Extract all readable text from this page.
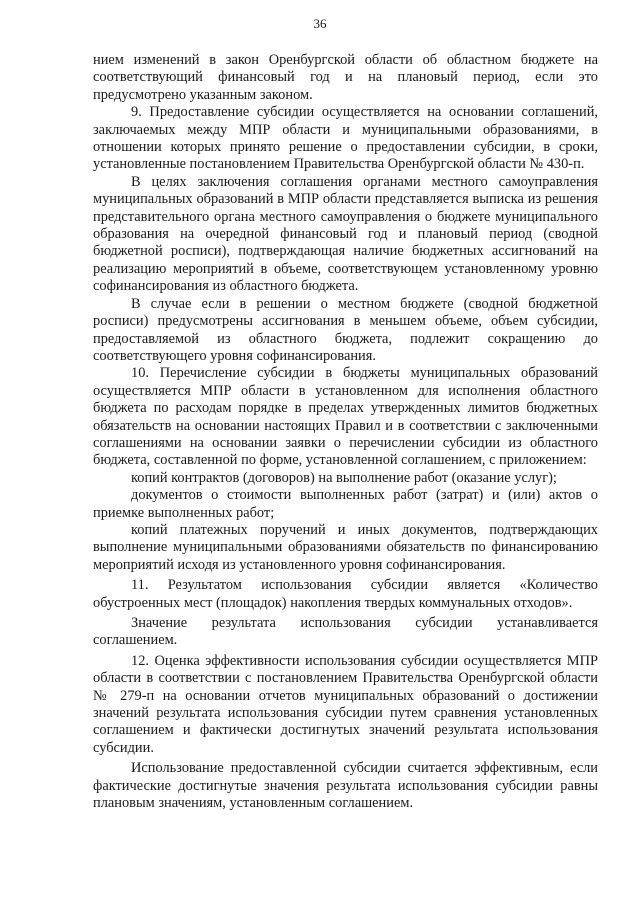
36

нием изменений в закон Оренбургской области об областном бюджете на соответствующий финансовый год и на плановый период, если это предусмотрено указанным законом.

9. Предоставление субсидии осуществляется на основании соглашений, заключаемых между МПР области и муниципальными образованиями, в отношении которых принято решение о предоставлении субсидии, в сроки, установленные постановлением Правительства Оренбургской области № 430-п.

В целях заключения соглашения органами местного самоуправления муниципальных образований в МПР области представляется выписка из решения представительного органа местного самоуправления о бюджете муниципального образования на очередной финансовый год и плановый период (сводной бюджетной росписи), подтверждающая наличие бюджетных ассигнований на реализацию мероприятий в объеме, соответствующем установленному уровню софинансирования из областного бюджета.

В случае если в решении о местном бюджете (сводной бюджетной росписи) предусмотрены ассигнования в меньшем объеме, объем субсидии, предоставляемой из областного бюджета, подлежит сокращению до соответствующего уровня софинансирования.

10. Перечисление субсидии в бюджеты муниципальных образований осуществляется МПР области в установленном для исполнения областного бюджета по расходам порядке в пределах утвержденных лимитов бюджетных обязательств на основании настоящих Правил и в соответствии с заключенными соглашениями на основании заявки о перечислении субсидии из областного бюджета, составленной по форме, установленной соглашением, с приложением:

копий контрактов (договоров) на выполнение работ (оказание услуг);

документов о стоимости выполненных работ (затрат) и (или) актов о приемке выполненных работ;

копий платежных поручений и иных документов, подтверждающих выполнение муниципальными образованиями обязательств по финансированию мероприятий исходя из установленного уровня софинансирования.

11. Результатом использования субсидии является «Количество обустроенных мест (площадок) накопления твердых коммунальных отходов».

Значение результата использования субсидии устанавливается соглашением.

12. Оценка эффективности использования субсидии осуществляется МПР области в соответствии с постановлением Правительства Оренбургской области № 279-п на основании отчетов муниципальных образований о достижении значений результата использования субсидии путем сравнения установленных соглашением и фактически достигнутых значений результата использования субсидии.

Использование предоставленной субсидии считается эффективным, если фактические достигнутые значения результата использования субсидии равны плановым значениям, установленным соглашением.
